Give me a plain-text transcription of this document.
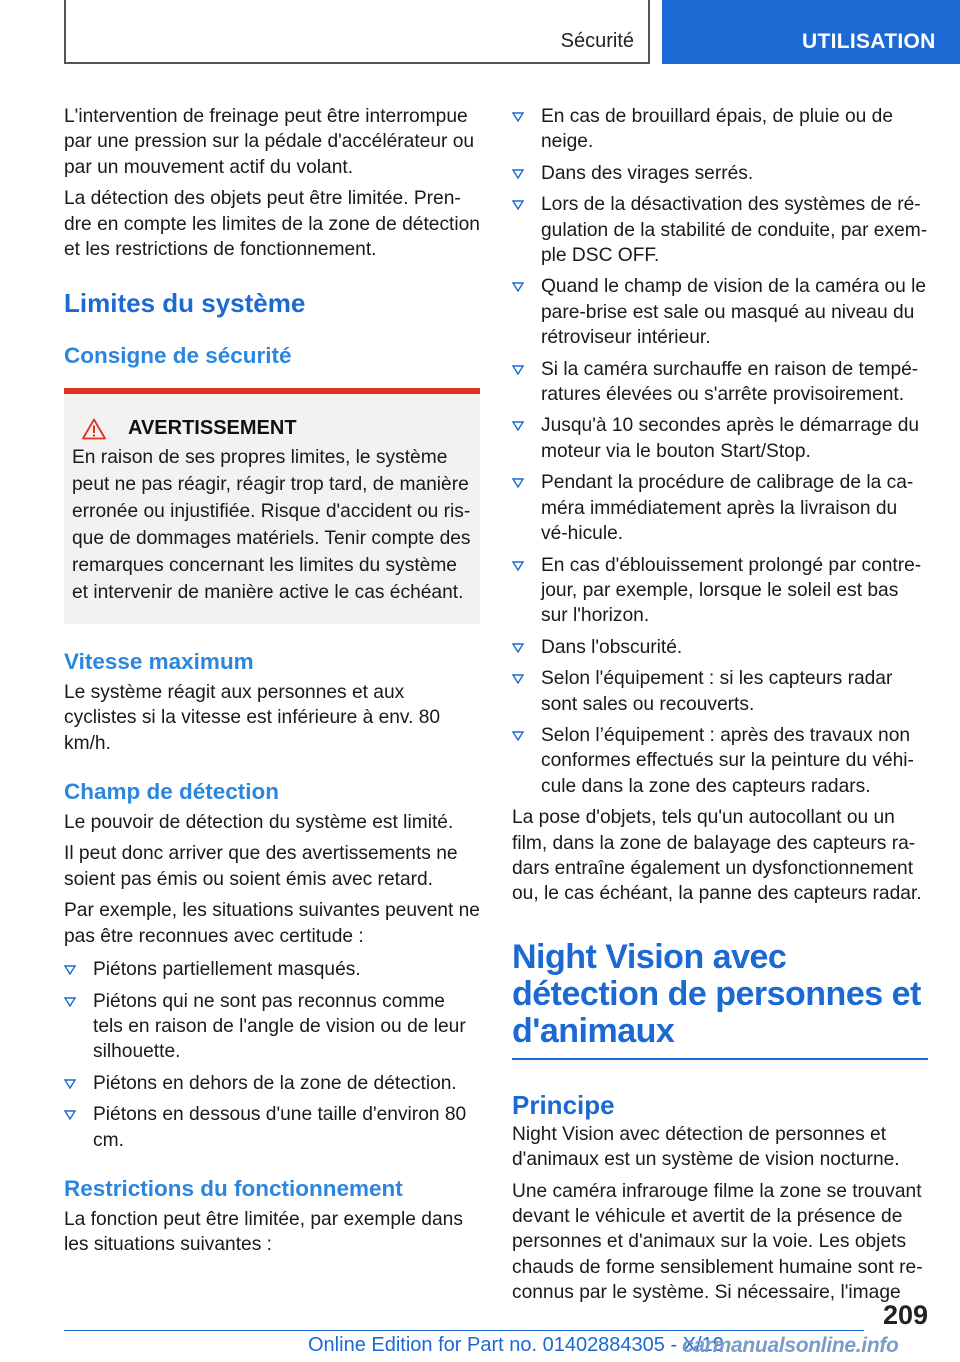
Sécurité	UTILISATION

L'intervention de freinage peut être interrompue par une pression sur la pédale d'accélérateur ou par un mouvement actif du volant.

La détection des objets peut être limitée. Pren‐dre en compte les limites de la zone de détection et les restrictions de fonctionnement.

Limites du système
Consigne de sécurité
AVERTISSEMENT

En raison de ses propres limites, le système peut ne pas réagir, réagir trop tard, de manière erronée ou injustifiée. Risque d'accident ou ris‐que de dommages matériels. Tenir compte des remarques concernant les limites du système et intervenir de manière active le cas échéant.

Vitesse maximum

Le système réagit aux personnes et aux cyclistes si la vitesse est inférieure à env. 80 km/h.

Champ de détection

Le pouvoir de détection du système est limité.

Il peut donc arriver que des avertissements ne soient pas émis ou soient émis avec retard.

Par exemple, les situations suivantes peuvent ne pas être reconnues avec certitude :

Piétons partiellement masqués.
Piétons qui ne sont pas reconnus comme tels en raison de l'angle de vision ou de leur silhouette.
Piétons en dehors de la zone de détection.
Piétons en dessous d'une taille d'environ 80 cm.
Restrictions du fonctionnement

La fonction peut être limitée, par exemple dans les situations suivantes :

En cas de brouillard épais, de pluie ou de neige.
Dans des virages serrés.
Lors de la désactivation des systèmes de ré‐gulation de la stabilité de conduite, par exem‐ple DSC OFF.
Quand le champ de vision de la caméra ou le pare-brise est sale ou masqué au niveau du rétroviseur intérieur.
Si la caméra surchauffe en raison de tempé‐ratures élevées ou s'arrête provisoirement.
Jusqu'à 10 secondes après le démarrage du moteur via le bouton Start/Stop.
Pendant la procédure de calibrage de la ca‐méra immédiatement après la livraison du vé‐hicule.
En cas d'éblouissement prolongé par contre-jour, par exemple, lorsque le soleil est bas sur l'horizon.
Dans l'obscurité.
Selon l'équipement : si les capteurs radar sont sales ou recouverts.
Selon l’équipement : après des travaux non conformes effectués sur la peinture du véhi‐cule dans la zone des capteurs radars.

La pose d'objets, tels qu'un autocollant ou un film, dans la zone de balayage des capteurs ra‐dars entraîne également un dysfonctionnement ou, le cas échéant, la panne des capteurs radar.

Night Vision avec détection de personnes et d'animaux
Principe

Night Vision avec détection de personnes et d'animaux est un système de vision nocturne.

Une caméra infrarouge filme la zone se trouvant devant le véhicule et avertit de la présence de personnes et d'animaux sur la voie. Les objets chauds de forme sensiblement humaine sont re‐connus par le système. Si nécessaire, l'image

209
Online Edition for Part no. 01402884305 - X/19
carmanualsonline.info
